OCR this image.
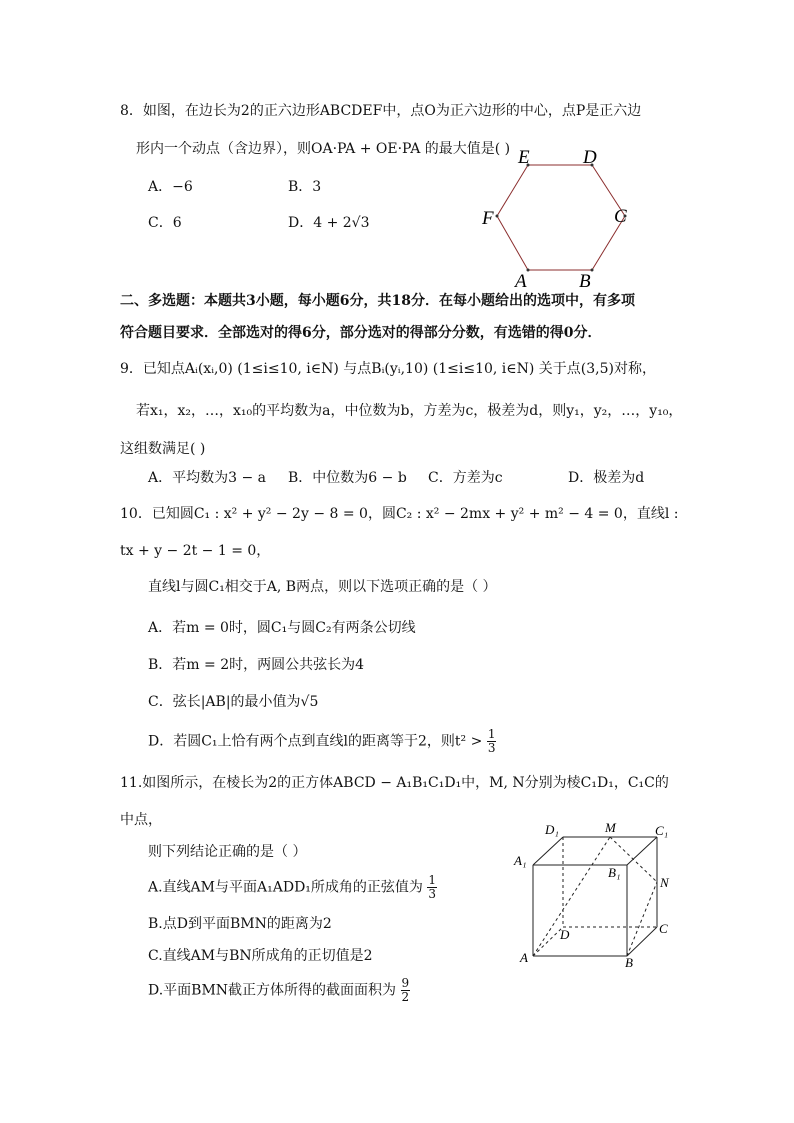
8．如图，在边长为2的正六边形ABCDEF中，点O为正六边形的中心，点P是正六边
形内一个动点（含边界），则OA·PA + OE·PA 的最大值是( )
A．−6	B．3
C．6	D．4 + 2√3
E	D
C
F
A	B
二、多选题：本题共3小题，每小题6分，共18分．在每小题给出的选项中，有多项
符合题目要求．全部选对的得6分，部分选对的得部分分数，有选错的得0分．
9．已知点Aᵢ(xᵢ,0) (1≤i≤10, i∈N) 与点Bᵢ(yᵢ,10) (1≤i≤10, i∈N) 关于点(3,5)对称，
若x₁，x₂，…，x₁₀的平均数为a，中位数为b，方差为c，极差为d，则y₁，y₂，…，y₁₀，
这组数满足( )
A．平均数为3 − a B．中位数为6 − b C．方差为c	D．极差为d
10．已知圆C₁ : x² + y² − 2y − 8 = 0，圆C₂ : x² − 2mx + y² + m² − 4 = 0，直线l :
tx + y − 2t − 1 = 0，
直线l与圆C₁相交于A, B两点，则以下选项正确的是（ ）
A．若m = 0时，圆C₁与圆C₂有两条公切线
B．若m = 2时，两圆公共弦长为4
C．弦长|AB|的最小值为√5
D．若圆C₁上恰有两个点到直线l的距离等于2，则$t^2 > \frac{1}{3}$
11.如图所示，在棱长为2的正方体ABCD − A₁B₁C₁D₁中，M, N分别为棱C₁D₁，C₁C的
中点，
则下列结论正确的是（ ）
A.直线AM与平面A₁ADD₁所成角的正弦值为 $\frac{1}{3}$
B.点D到平面BMN的距离为2
C.直线AM与BN所成角的正切值是2
D.平面BMN截正方体所得的截面面积为 $\frac{9}{2}$
D₁	M	C₁
A₁
B₁
N
D	C
A	B
